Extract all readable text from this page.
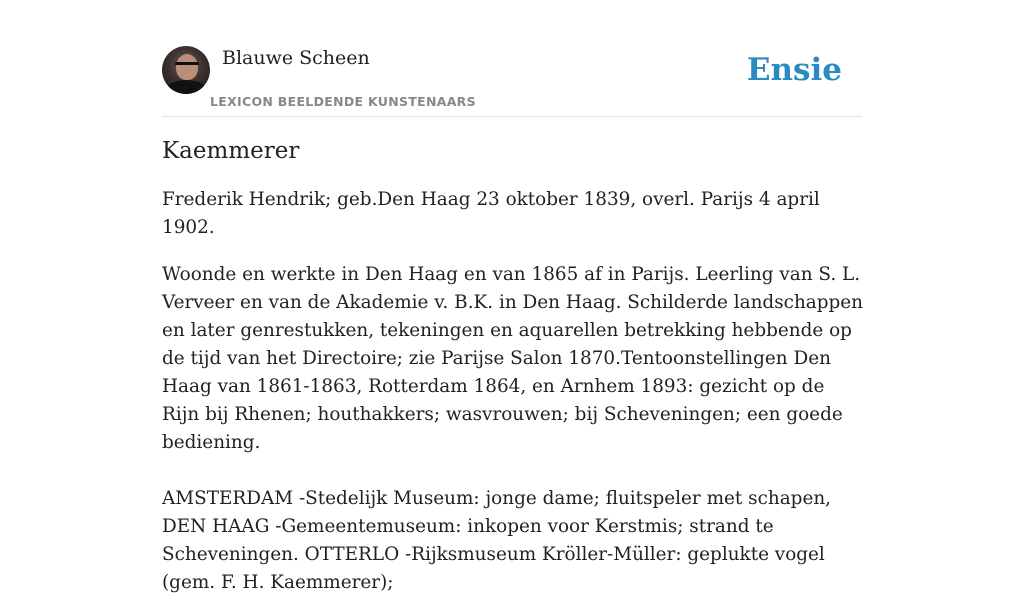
Blauwe Scheen
LEXICON BEELDENDE KUNSTENAARS
Ensie
Kaemmerer

Frederik Hendrik; geb.Den Haag 23 oktober 1839, overl. Parijs 4 april 1902.

Woonde en werkte in Den Haag en van 1865 af in Parijs. Leerling van S. L. Verveer en van de Akademie v. B.K. in Den Haag. Schilderde landschappen en later genrestukken, tekeningen en aquarellen betrekking hebbende op de tijd van het Directoire; zie Parijse Salon 1870.Tentoonstellingen Den Haag van 1861-1863, Rotterdam 1864, en Arnhem 1893: gezicht op de Rijn bij Rhenen; houthakkers; wasvrouwen; bij Scheveningen; een goede bediening.

AMSTERDAM -Stedelijk Museum: jonge dame; fluitspeler met schapen, DEN HAAG -Gemeentemuseum: inkopen voor Kerstmis; strand te Scheveningen. OTTERLO -Rijksmuseum Kröller-Müller: geplukte vogel (gem. F. H. Kaemmerer);
